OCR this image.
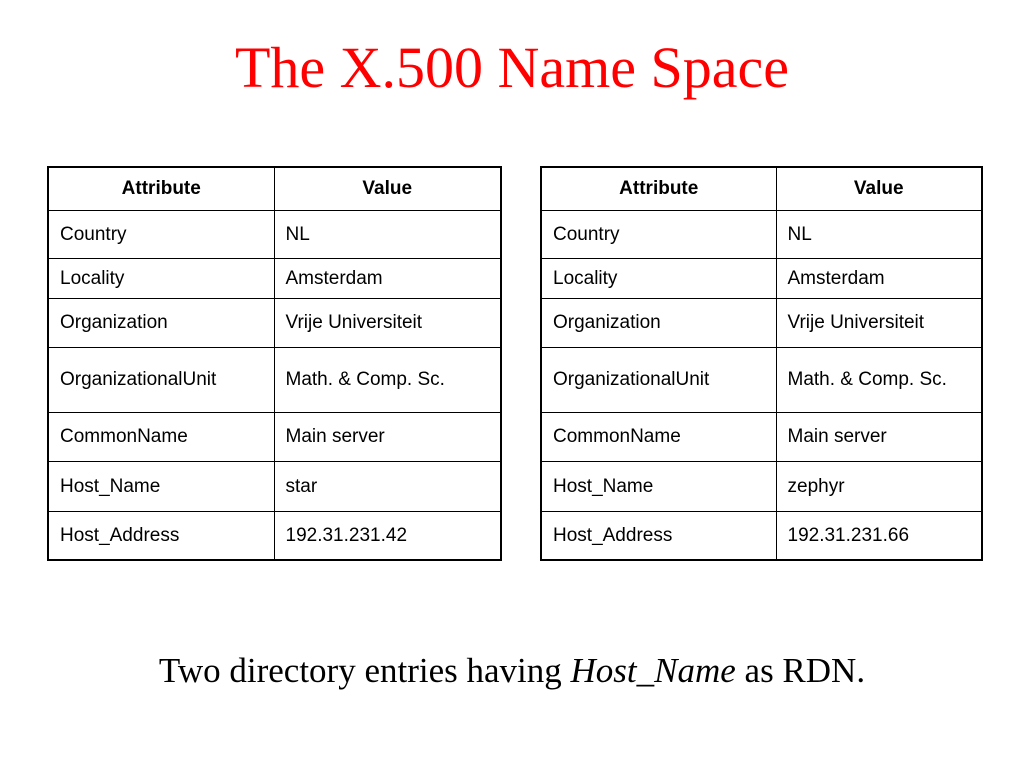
The X.500 Name Space
Attribute	Value
Country	NL
Locality	Amsterdam
Organization	Vrije Universiteit
OrganizationalUnit	Math. & Comp. Sc.
CommonName	Main server
Host_Name	star
Host_Address	192.31.231.42
Attribute	Value
Country	NL
Locality	Amsterdam
Organization	Vrije Universiteit
OrganizationalUnit	Math. & Comp. Sc.
CommonName	Main server
Host_Name	zephyr
Host_Address	192.31.231.66
Two directory entries having Host_Name as RDN.
